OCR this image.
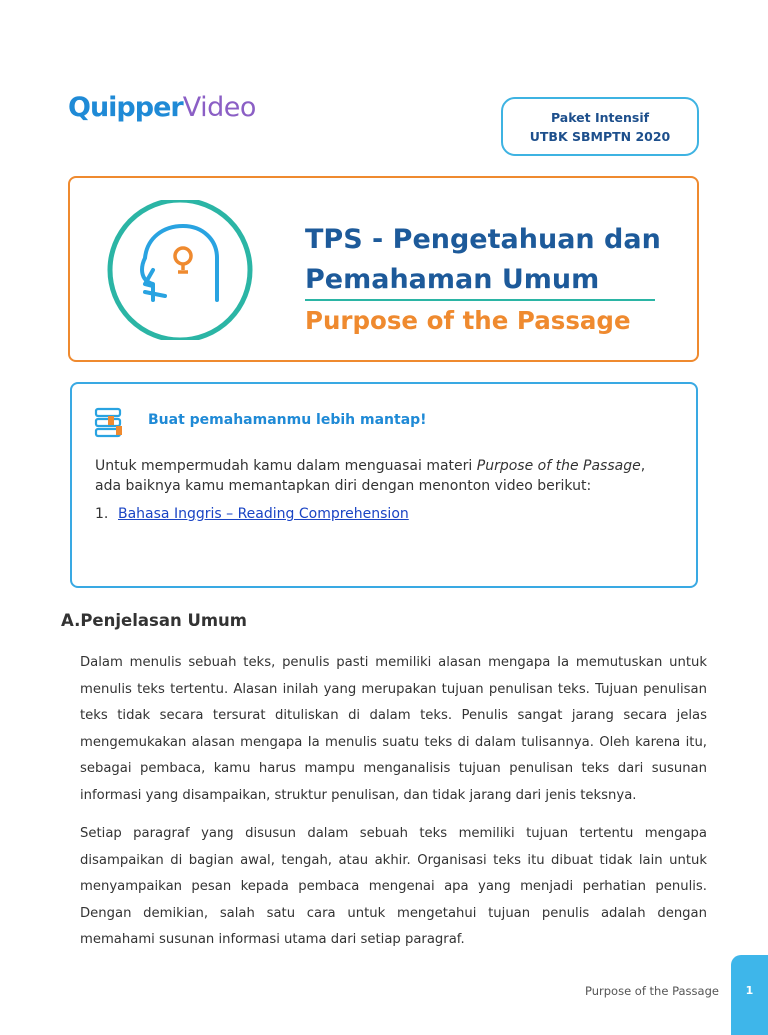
QuipperVideo	Paket Intensif
UTBK SBMPTN 2020
TPS - Pengetahuan dan
Pemahaman Umum
Purpose of the Passage
Buat pemahamanmu lebih mantap!
Untuk mempermudah kamu dalam menguasai materi Purpose of the Passage, ada baiknya kamu memantapkan diri dengan menonton video berikut:
1. Bahasa Inggris – Reading Comprehension
A.Penjelasan Umum
Dalam menulis sebuah teks, penulis pasti memiliki alasan mengapa Ia memutuskan untuk menulis teks tertentu. Alasan inilah yang merupakan tujuan penulisan teks. Tujuan penulisan teks tidak secara tersurat dituliskan di dalam teks. Penulis sangat jarang secara jelas mengemukakan alasan mengapa Ia menulis suatu teks di dalam tulisannya. Oleh karena itu, sebagai pembaca, kamu harus mampu menganalisis tujuan penulisan teks dari susunan informasi yang disampaikan, struktur penulisan, dan tidak jarang dari jenis teksnya.
Setiap paragraf yang disusun dalam sebuah teks memiliki tujuan tertentu mengapa disampaikan di bagian awal, tengah, atau akhir. Organisasi teks itu dibuat tidak lain untuk menyampaikan pesan kepada pembaca mengenai apa yang menjadi perhatian penulis. Dengan demikian, salah satu cara untuk mengetahui tujuan penulis adalah dengan memahami susunan informasi utama dari setiap paragraf.
Purpose of the Passage	1
